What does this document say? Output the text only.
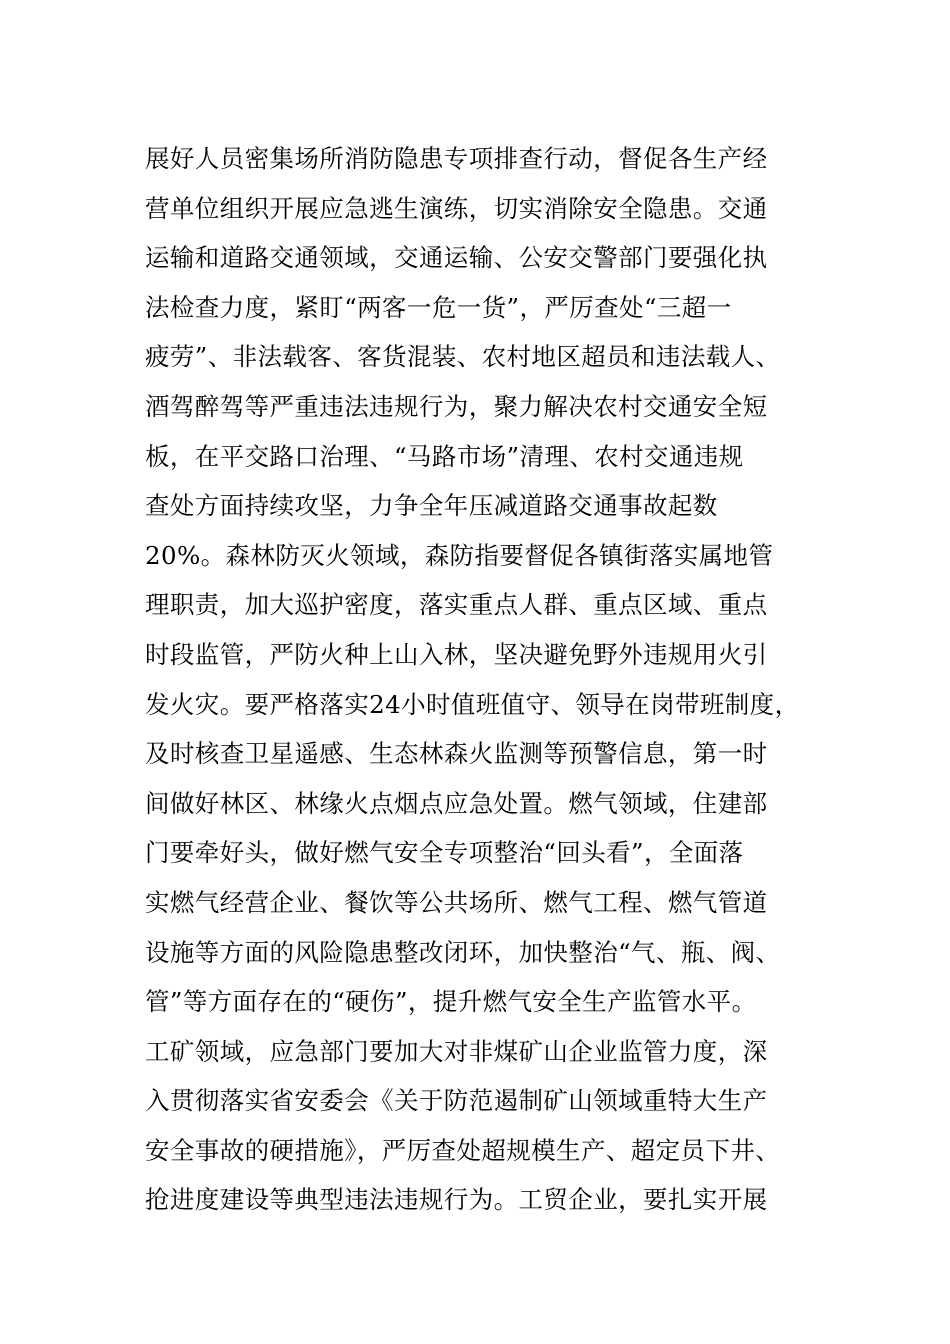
展好人员密集场所消防隐患专项排查行动，督促各生产经
营单位组织开展应急逃生演练，切实消除安全隐患。交通
运输和道路交通领域，交通运输、公安交警部门要强化执
法检查力度，紧盯“两客一危一货”，严厉查处“三超一
疲劳”、非法载客、客货混装、农村地区超员和违法载人、
酒驾醉驾等严重违法违规行为，聚力解决农村交通安全短
板，在平交路口治理、“马路市场”清理、农村交通违规
查处方面持续攻坚，力争全年压减道路交通事故起数
20%。森林防灭火领域，森防指要督促各镇街落实属地管
理职责，加大巡护密度，落实重点人群、重点区域、重点
时段监管，严防火种上山入林，坚决避免野外违规用火引
发火灾。要严格落实24小时值班值守、领导在岗带班制度，
及时核查卫星遥感、生态林森火监测等预警信息，第一时
间做好林区、林缘火点烟点应急处置。燃气领域，住建部
门要牵好头，做好燃气安全专项整治“回头看”，全面落
实燃气经营企业、餐饮等公共场所、燃气工程、燃气管道
设施等方面的风险隐患整改闭环，加快整治“气、瓶、阀、
管”等方面存在的“硬伤”，提升燃气安全生产监管水平。
工矿领域，应急部门要加大对非煤矿山企业监管力度，深
入贯彻落实省安委会《关于防范遏制矿山领域重特大生产
安全事故的硬措施》，严厉查处超规模生产、超定员下井、
抢进度建设等典型违法违规行为。工贸企业，要扎实开展
